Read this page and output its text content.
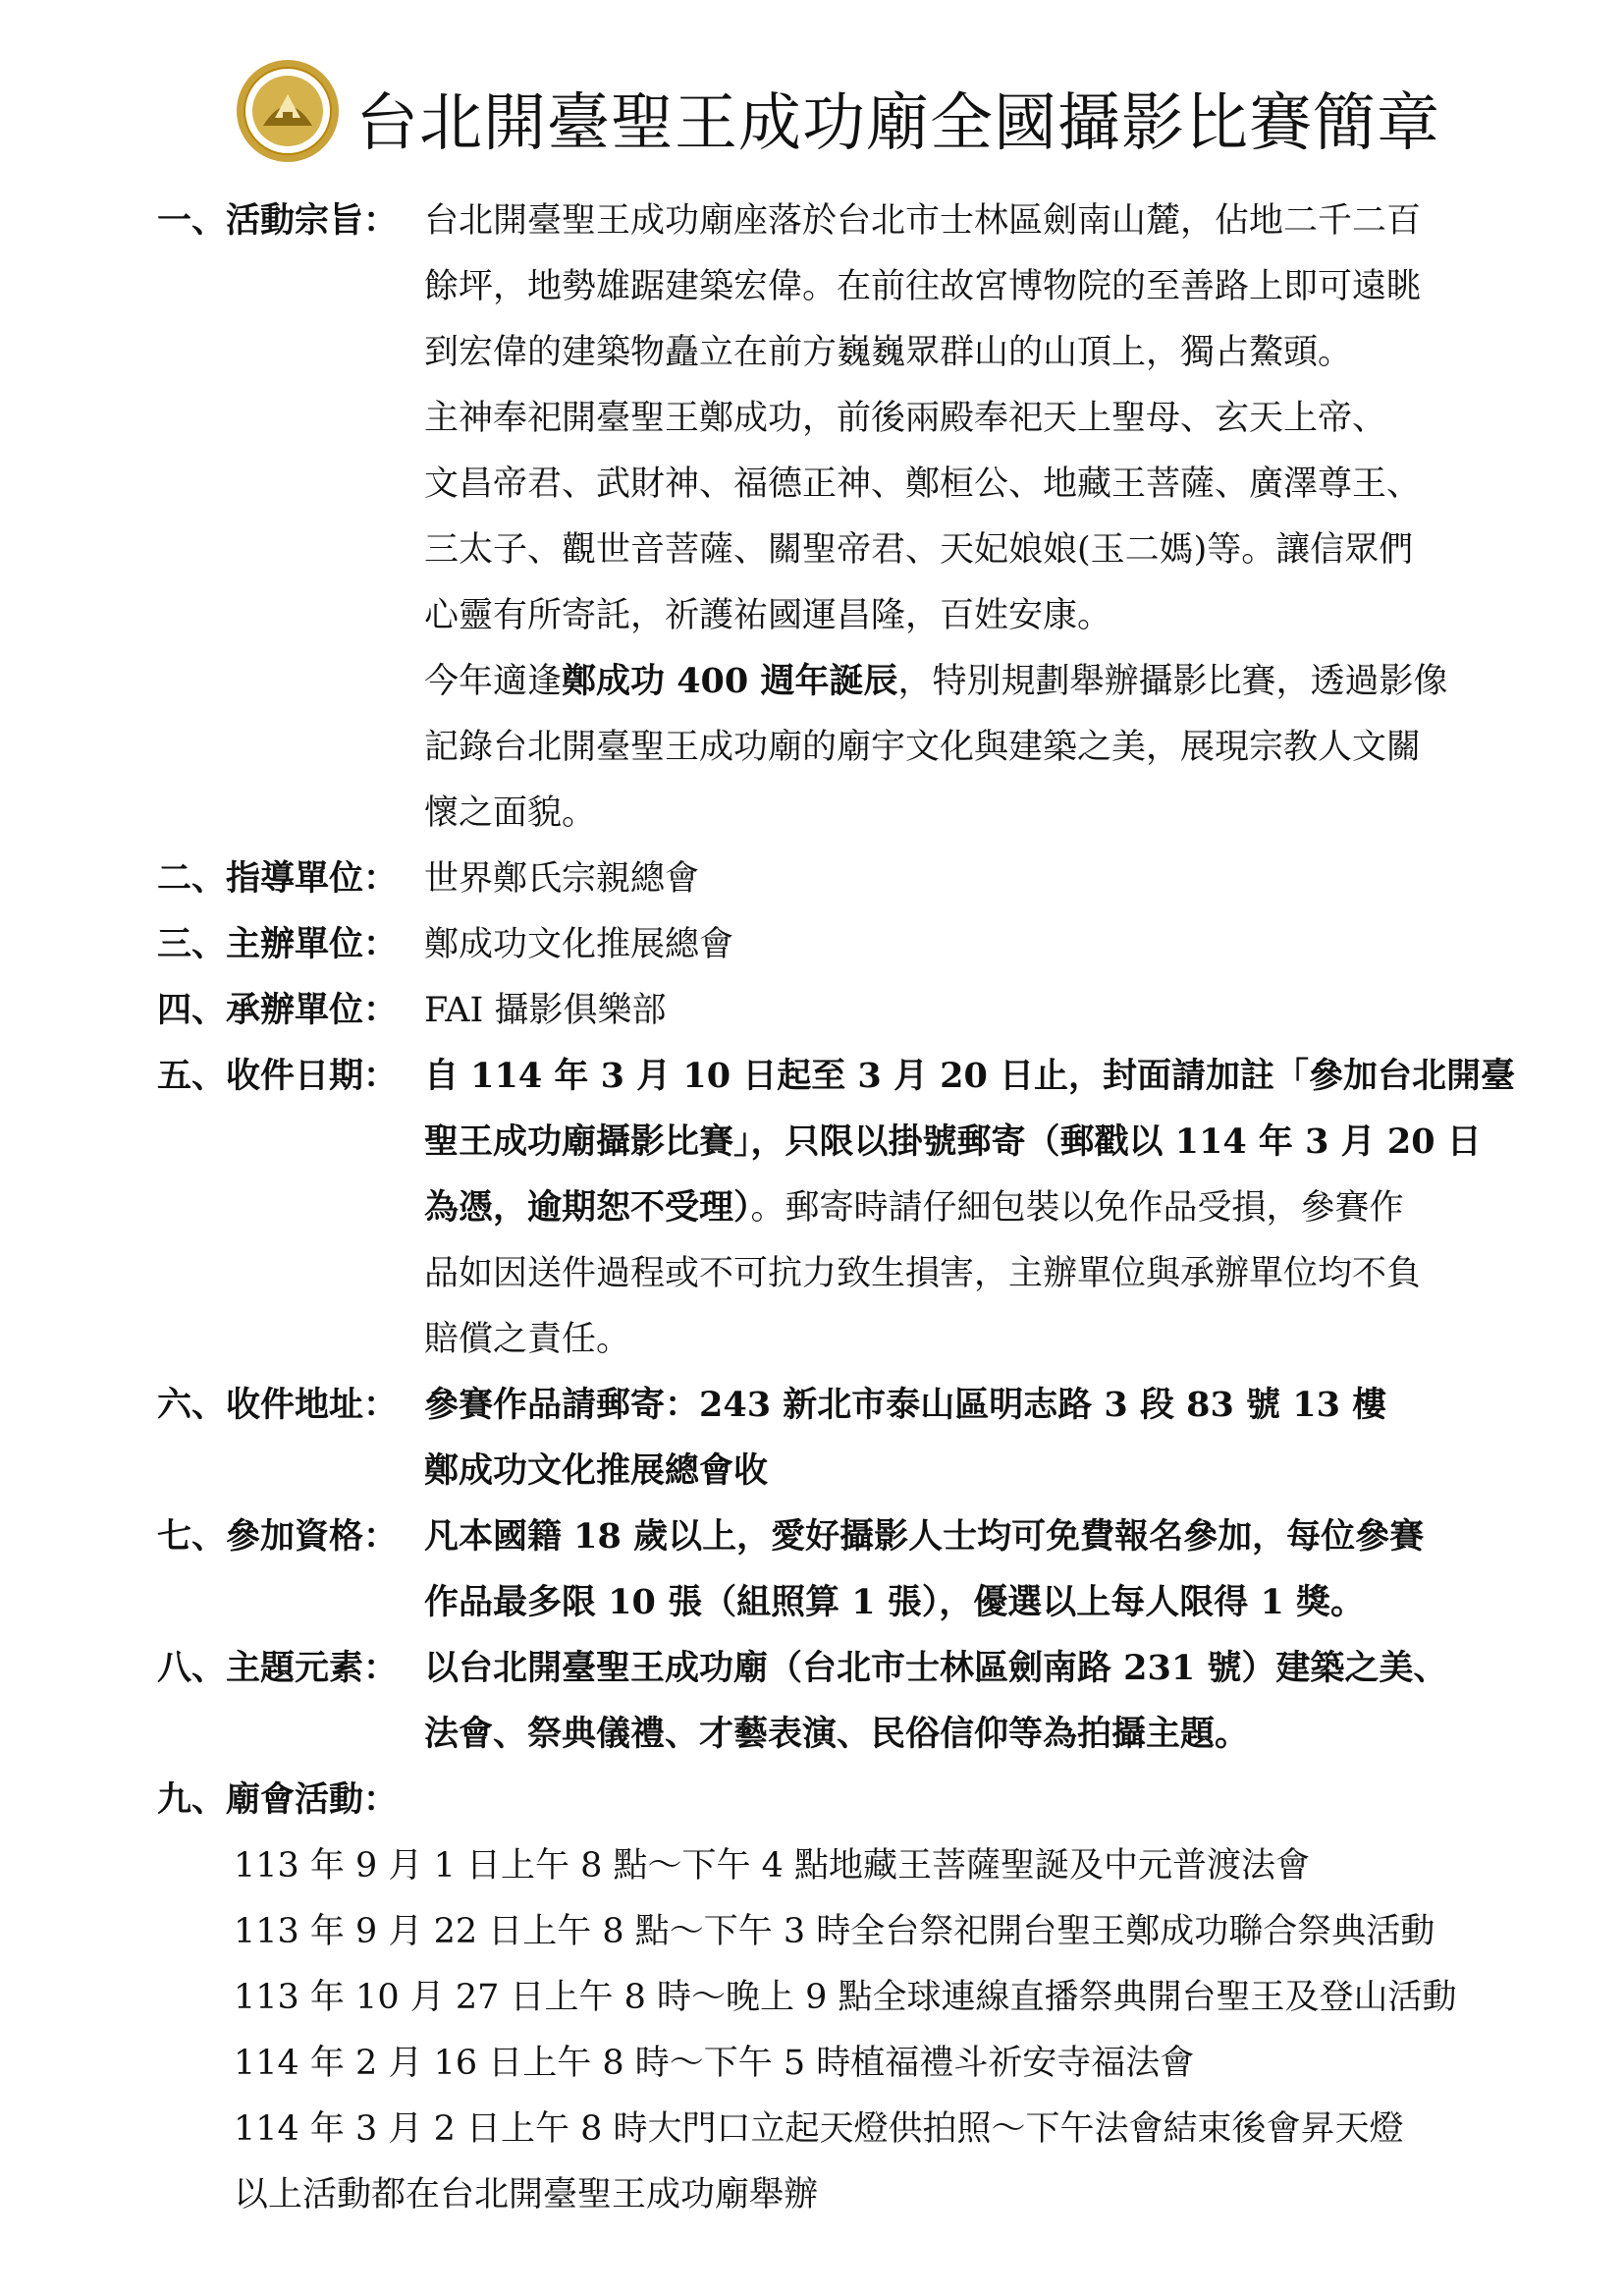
台北開臺聖王成功廟全國攝影比賽簡章
一、活動宗旨： 台北開臺聖王成功廟座落於台北市士林區劍南山麓，佔地二千二百
餘坪，地勢雄踞建築宏偉。在前往故宮博物院的至善路上即可遠眺
到宏偉的建築物矗立在前方巍巍眾群山的山頂上，獨占鰲頭。
主神奉祀開臺聖王鄭成功，前後兩殿奉祀天上聖母、玄天上帝、
文昌帝君、武財神、福德正神、鄭桓公、地藏王菩薩、廣澤尊王、
三太子、觀世音菩薩、關聖帝君、天妃娘娘(玉二媽)等。讓信眾們
心靈有所寄託，祈護祐國運昌隆，百姓安康。
今年適逢鄭成功 400 週年誕辰，特別規劃舉辦攝影比賽，透過影像
記錄台北開臺聖王成功廟的廟宇文化與建築之美，展現宗教人文關
懷之面貌。
二、指導單位： 世界鄭氏宗親總會
三、主辦單位： 鄭成功文化推展總會
四、承辦單位： FAI 攝影俱樂部
五、收件日期： 自 114 年 3 月 10 日起至 3 月 20 日止，封面請加註「參加台北開臺
聖王成功廟攝影比賽」，只限以掛號郵寄（郵戳以 114 年 3 月 20 日
為憑，逾期恕不受理）。郵寄時請仔細包裝以免作品受損，參賽作
品如因送件過程或不可抗力致生損害，主辦單位與承辦單位均不負
賠償之責任。
六、收件地址： 參賽作品請郵寄：243 新北市泰山區明志路 3 段 83 號 13 樓
鄭成功文化推展總會收
七、參加資格： 凡本國籍 18 歲以上，愛好攝影人士均可免費報名參加，每位參賽
作品最多限 10 張（組照算 1 張），優選以上每人限得 1 獎。
八、主題元素： 以台北開臺聖王成功廟（台北市士林區劍南路 231 號）建築之美、
法會、祭典儀禮、才藝表演、民俗信仰等為拍攝主題。
九、廟會活動：
113 年 9 月 1 日上午 8 點～下午 4 點地藏王菩薩聖誕及中元普渡法會
113 年 9 月 22 日上午 8 點～下午 3 時全台祭祀開台聖王鄭成功聯合祭典活動
113 年 10 月 27 日上午 8 時～晚上 9 點全球連線直播祭典開台聖王及登山活動
114 年 2 月 16 日上午 8 時～下午 5 時植福禮斗祈安寺福法會
114 年 3 月 2 日上午 8 時大門口立起天燈供拍照～下午法會結束後會昇天燈
以上活動都在台北開臺聖王成功廟舉辦
